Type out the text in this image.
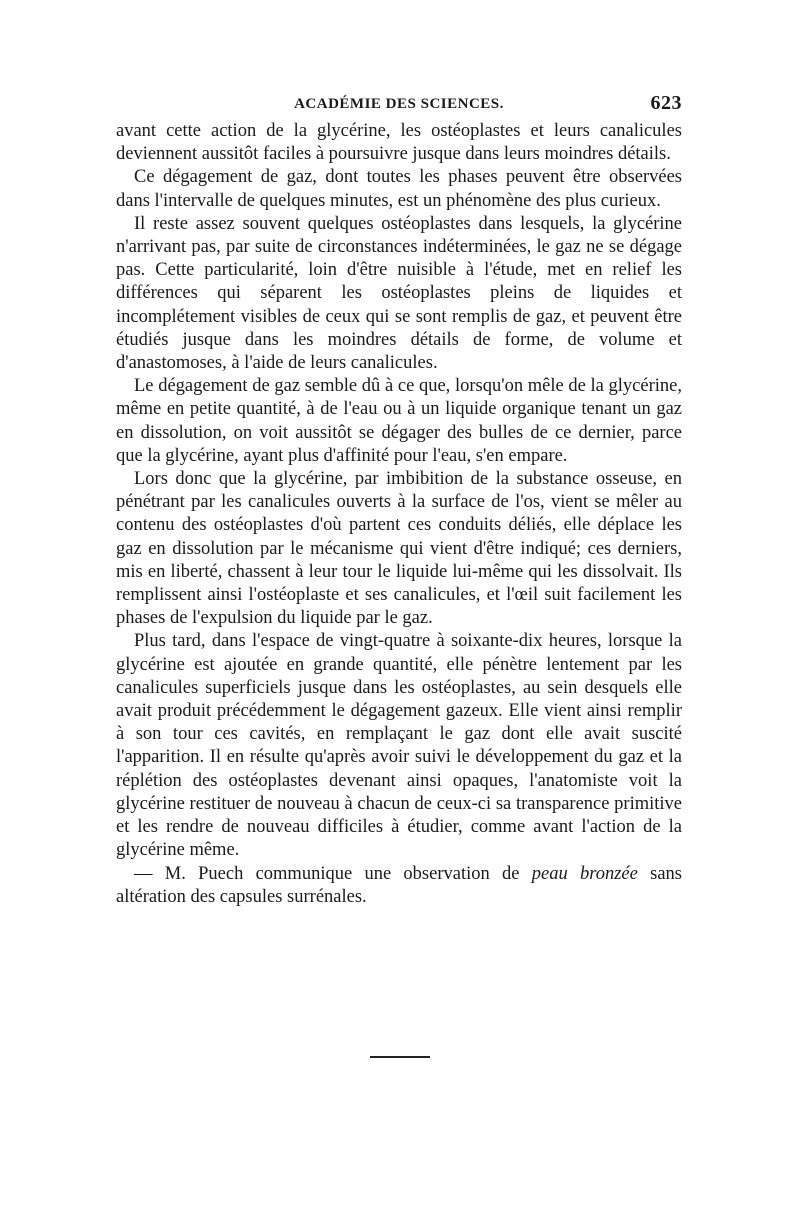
ACADÉMIE DES SCIENCES.	623

avant cette action de la glycérine, les ostéoplastes et leurs canalicules deviennent aussitôt faciles à poursuivre jusque dans leurs moindres détails.

Ce dégagement de gaz, dont toutes les phases peuvent être observées dans l'intervalle de quelques minutes, est un phénomène des plus curieux.

Il reste assez souvent quelques ostéoplastes dans lesquels, la glycérine n'arrivant pas, par suite de circonstances indéterminées, le gaz ne se dégage pas. Cette particularité, loin d'être nuisible à l'étude, met en relief les différences qui séparent les ostéoplastes pleins de liquides et incomplétement visibles de ceux qui se sont remplis de gaz, et peuvent être étudiés jusque dans les moindres détails de forme, de volume et d'anastomoses, à l'aide de leurs canalicules.

Le dégagement de gaz semble dû à ce que, lorsqu'on mêle de la glycérine, même en petite quantité, à de l'eau ou à un liquide organique tenant un gaz en dissolution, on voit aussitôt se dégager des bulles de ce dernier, parce que la glycérine, ayant plus d'affinité pour l'eau, s'en empare.

Lors donc que la glycérine, par imbibition de la substance osseuse, en pénétrant par les canalicules ouverts à la surface de l'os, vient se mêler au contenu des ostéoplastes d'où partent ces conduits déliés, elle déplace les gaz en dissolution par le mécanisme qui vient d'être indiqué; ces derniers, mis en liberté, chassent à leur tour le liquide lui-même qui les dissolvait. Ils remplissent ainsi l'ostéoplaste et ses canalicules, et l'œil suit facilement les phases de l'expulsion du liquide par le gaz.

Plus tard, dans l'espace de vingt-quatre à soixante-dix heures, lorsque la glycérine est ajoutée en grande quantité, elle pénètre lentement par les canalicules superficiels jusque dans les ostéoplastes, au sein desquels elle avait produit précédemment le dégagement gazeux. Elle vient ainsi remplir à son tour ces cavités, en remplaçant le gaz dont elle avait suscité l'apparition. Il en résulte qu'après avoir suivi le développement du gaz et la réplétion des ostéoplastes devenant ainsi opaques, l'anatomiste voit la glycérine restituer de nouveau à chacun de ceux-ci sa transparence primitive et les rendre de nouveau difficiles à étudier, comme avant l'action de la glycérine même.

— M. Puech communique une observation de peau bronzée sans altération des capsules surrénales.
